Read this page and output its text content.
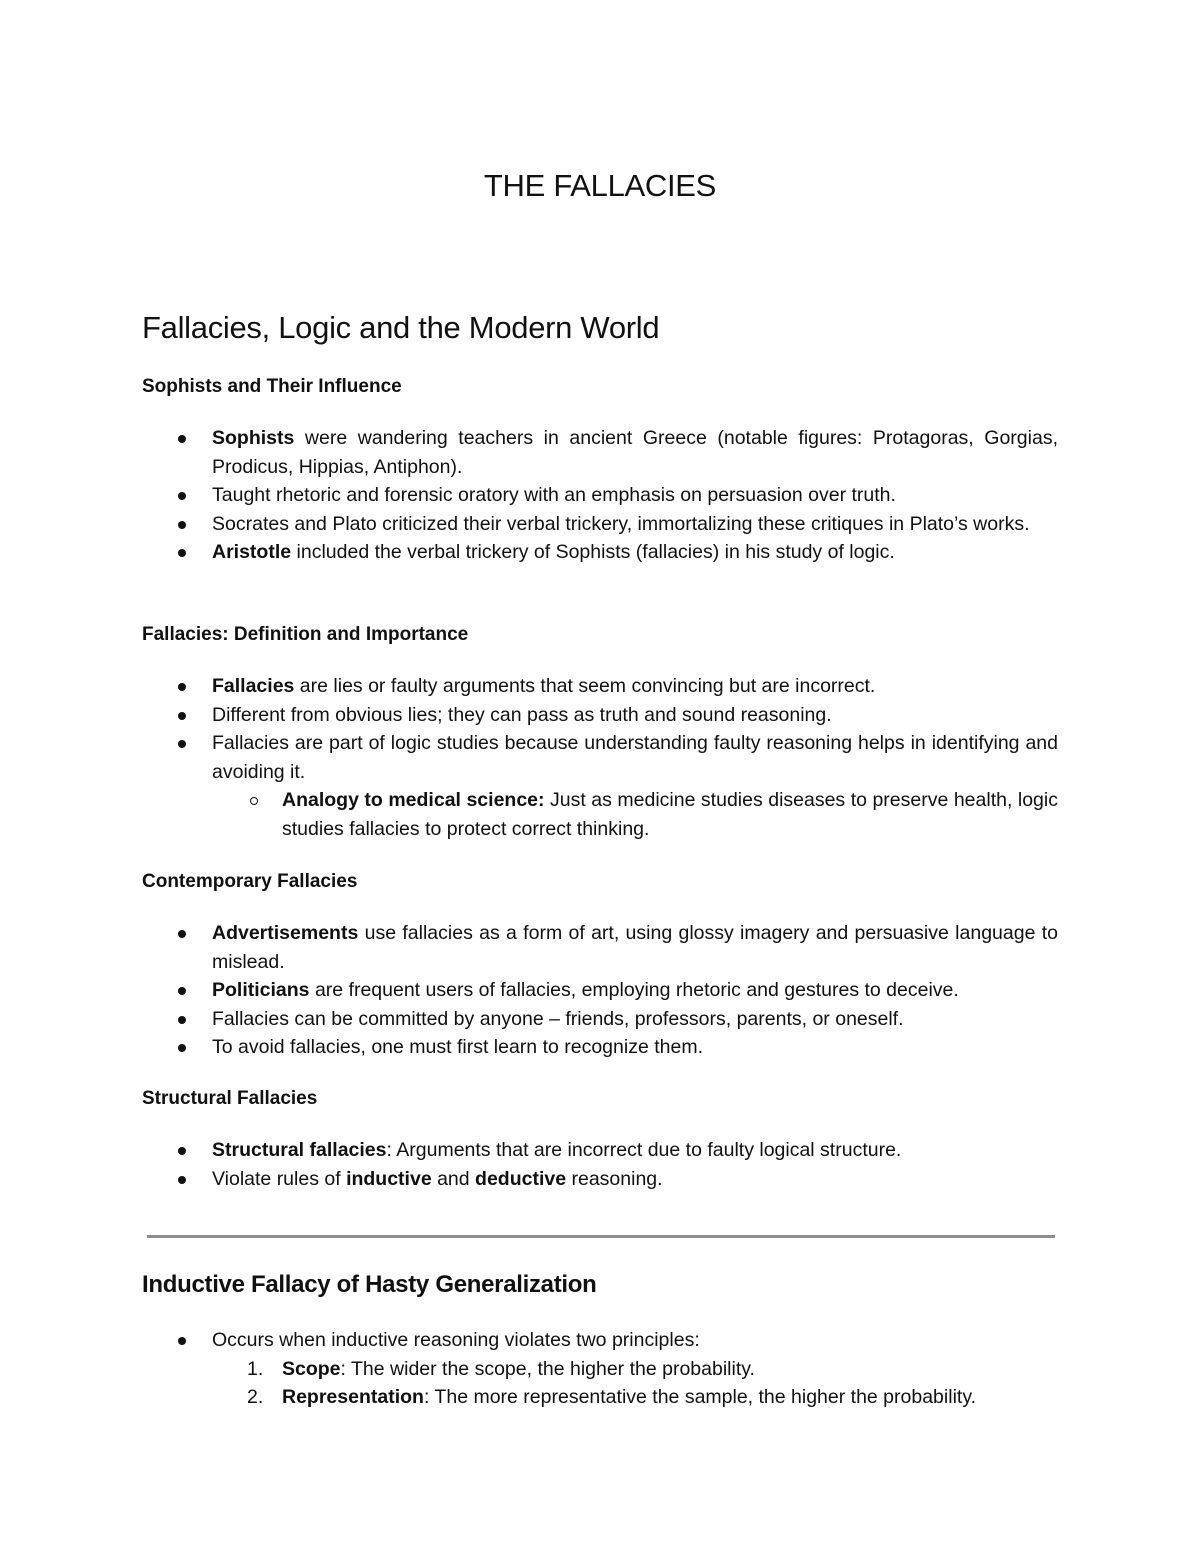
THE FALLACIES
Fallacies, Logic and the Modern World
Sophists and Their Influence
Sophists were wandering teachers in ancient Greece (notable figures: Protagoras, Gorgias, Prodicus, Hippias, Antiphon).
Taught rhetoric and forensic oratory with an emphasis on persuasion over truth.
Socrates and Plato criticized their verbal trickery, immortalizing these critiques in Plato’s works.
Aristotle included the verbal trickery of Sophists (fallacies) in his study of logic.
Fallacies: Definition and Importance
Fallacies are lies or faulty arguments that seem convincing but are incorrect.
Different from obvious lies; they can pass as truth and sound reasoning.
Fallacies are part of logic studies because understanding faulty reasoning helps in identifying and avoiding it.
Analogy to medical science: Just as medicine studies diseases to preserve health, logic studies fallacies to protect correct thinking.
Contemporary Fallacies
Advertisements use fallacies as a form of art, using glossy imagery and persuasive language to mislead.
Politicians are frequent users of fallacies, employing rhetoric and gestures to deceive.
Fallacies can be committed by anyone – friends, professors, parents, or oneself.
To avoid fallacies, one must first learn to recognize them.
Structural Fallacies
Structural fallacies: Arguments that are incorrect due to faulty logical structure.
Violate rules of inductive and deductive reasoning.
Inductive Fallacy of Hasty Generalization
Occurs when inductive reasoning violates two principles:
1. Scope: The wider the scope, the higher the probability.
2. Representation: The more representative the sample, the higher the probability.
